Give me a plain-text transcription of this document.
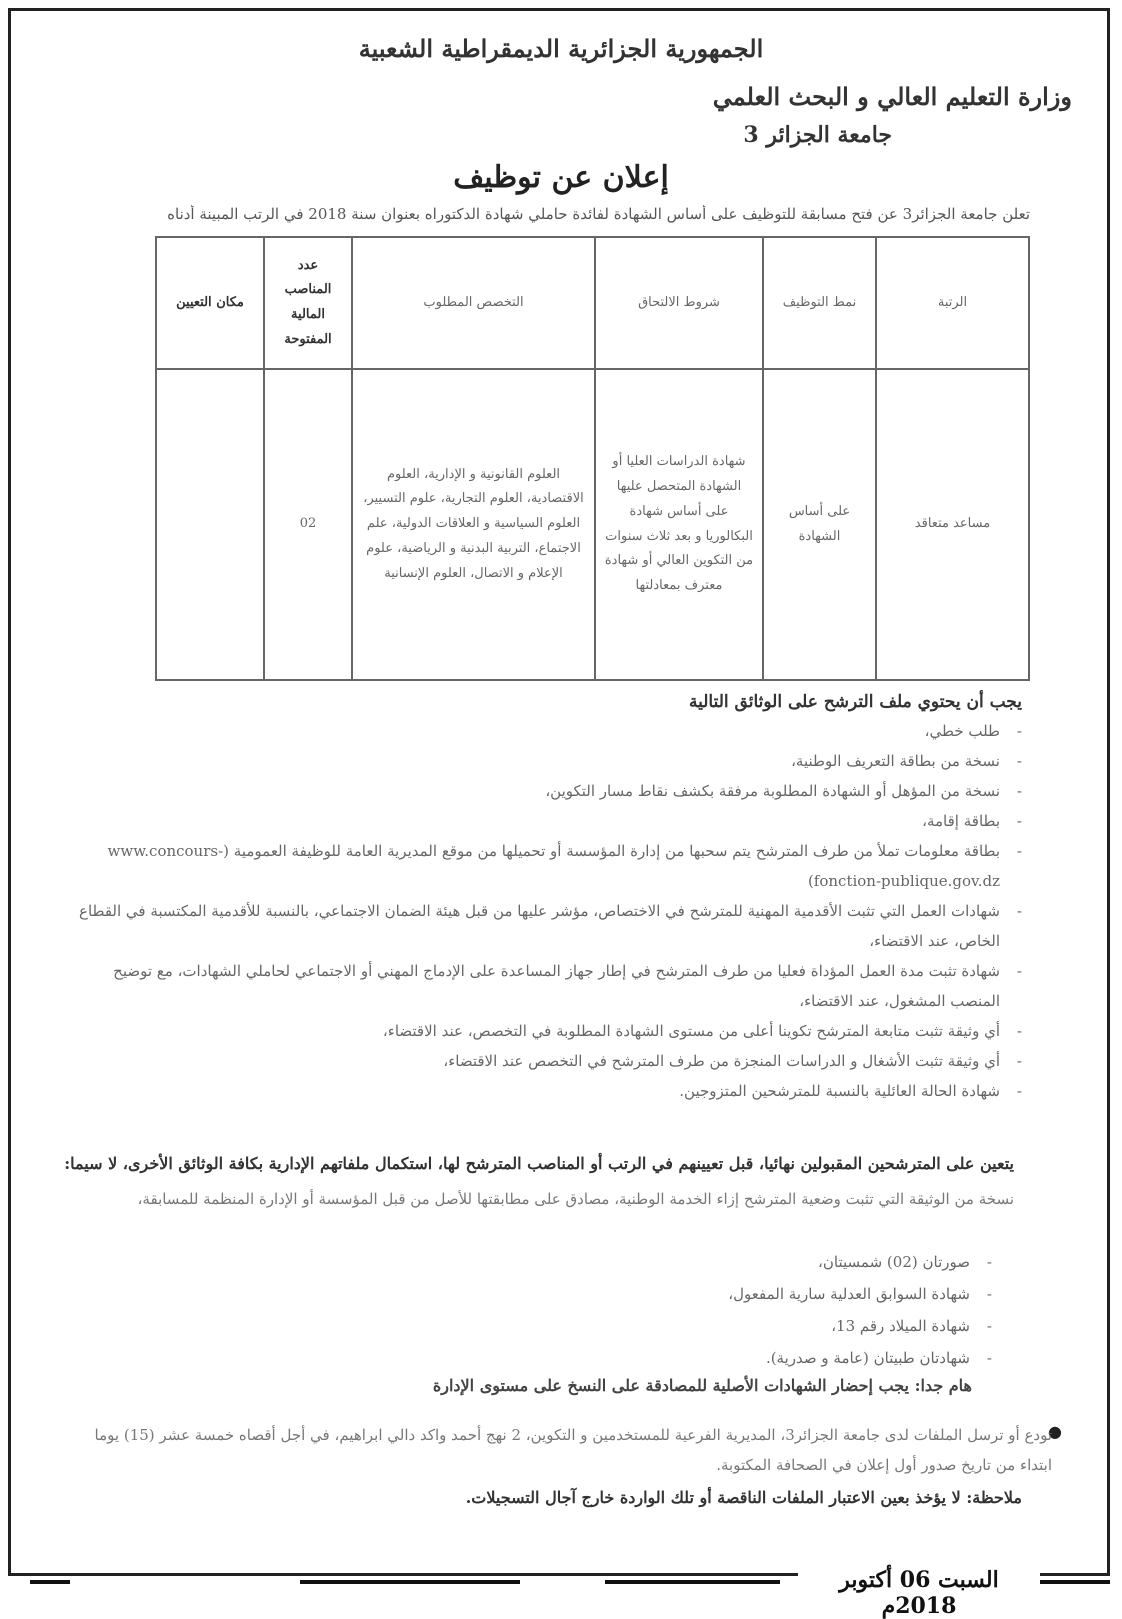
الجمهورية الجزائرية الديمقراطية الشعبية
وزارة التعليم العالي و البحث العلمي
جامعة الجزائر 3
إعلان عن توظيف
تعلن جامعة الجزائر3 عن فتح مسابقة للتوظيف على أساس الشهادة لفائدة حاملي شهادة الدكتوراه بعنوان سنة 2018 في الرتب المبينة أدناه
الرتبة	نمط التوظيف	شروط الالتحاق	التخصص المطلوب	عدد المناصب المالية المفتوحة	مكان التعيين
مساعد متعاقد	على أساس الشهادة	شهادة الدراسات العليا أو الشهادة المتحصل عليها على أساس شهادة البكالوريا و بعد ثلاث سنوات من التكوين العالي أو شهادة معترف بمعادلتها	العلوم القانونية و الإدارية، العلوم الاقتصادية، العلوم التجارية، علوم التسيير، العلوم السياسية و العلاقات الدولية، علم الاجتماع، التربية البدنية و الرياضية، علوم الإعلام و الاتصال، العلوم الإنسانية	02	
يجب أن يحتوي ملف الترشح على الوثائق التالية
- طلب خطي،
- نسخة من بطاقة التعريف الوطنية،
- نسخة من المؤهل أو الشهادة المطلوبة مرفقة بكشف نقاط مسار التكوين،
- بطاقة إقامة،
- بطاقة معلومات تملأ من طرف المترشح يتم سحبها من إدارة المؤسسة أو تحميلها من موقع المديرية العامة للوظيفة العمومية (www.concours-fonction-publique.gov.dz)
- شهادات العمل التي تثبت الأقدمية المهنية للمترشح في الاختصاص، مؤشر عليها من قبل هيئة الضمان الاجتماعي، بالنسبة للأقدمية المكتسبة في القطاع الخاص، عند الاقتضاء،
- شهادة تثبت مدة العمل المؤداة فعليا من طرف المترشح في إطار جهاز المساعدة على الإدماج المهني أو الاجتماعي لحاملي الشهادات، مع توضيح المنصب المشغول، عند الاقتضاء،
- أي وثيقة تثبت متابعة المترشح تكوينا أعلى من مستوى الشهادة المطلوبة في التخصص، عند الاقتضاء،
- أي وثيقة تثبت الأشغال و الدراسات المنجزة من طرف المترشح في التخصص عند الاقتضاء،
- شهادة الحالة العائلية بالنسبة للمترشحين المتزوجين.
يتعين على المترشحين المقبولين نهائيا، قبل تعيينهم في الرتب أو المناصب المترشح لها، استكمال ملفاتهم الإدارية بكافة الوثائق الأخرى، لا سيما:
نسخة من الوثيقة التي تثبت وضعية المترشح إزاء الخدمة الوطنية، مصادق على مطابقتها للأصل من قبل المؤسسة أو الإدارة المنظمة للمسابقة،
- صورتان (02) شمسيتان،
- شهادة السوابق العدلية سارية المفعول،
- شهادة الميلاد رقم 13،
- شهادتان طبيتان (عامة و صدرية).
هام جدا: يجب إحضار الشهادات الأصلية للمصادقة على النسخ على مستوى الإدارة
●
تودع أو ترسل الملفات لدى جامعة الجزائر3، المديرية الفرعية للمستخدمين و التكوين، 2 نهج أحمد واكد دالي ابراهيم، في أجل أقصاه خمسة عشر (15) يوما ابتداء من تاريخ صدور أول إعلان في الصحافة المكتوبة.
ملاحظة: لا يؤخذ بعين الاعتبار الملفات الناقصة أو تلك الواردة خارج آجال التسجيلات.
السبت 06 أكتوبر 2018م
